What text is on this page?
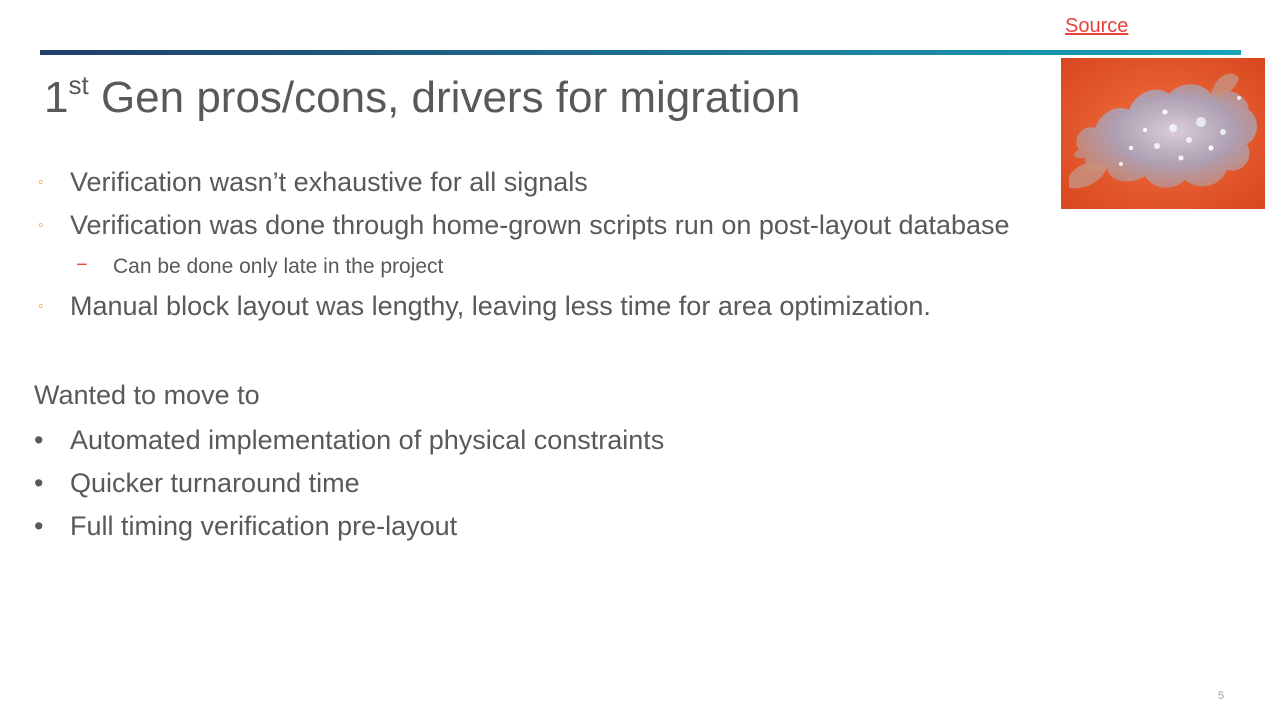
Source
1st Gen pros/cons, drivers for migration
◦ Verification wasn’t exhaustive for all signals
◦ Verification was done through home-grown scripts run on post-layout database
− Can be done only late in the project
◦ Manual block layout was lengthy, leaving less time for area optimization.
Wanted to move to
• Automated implementation of physical constraints
• Quicker turnaround time
• Full timing verification pre-layout
5
